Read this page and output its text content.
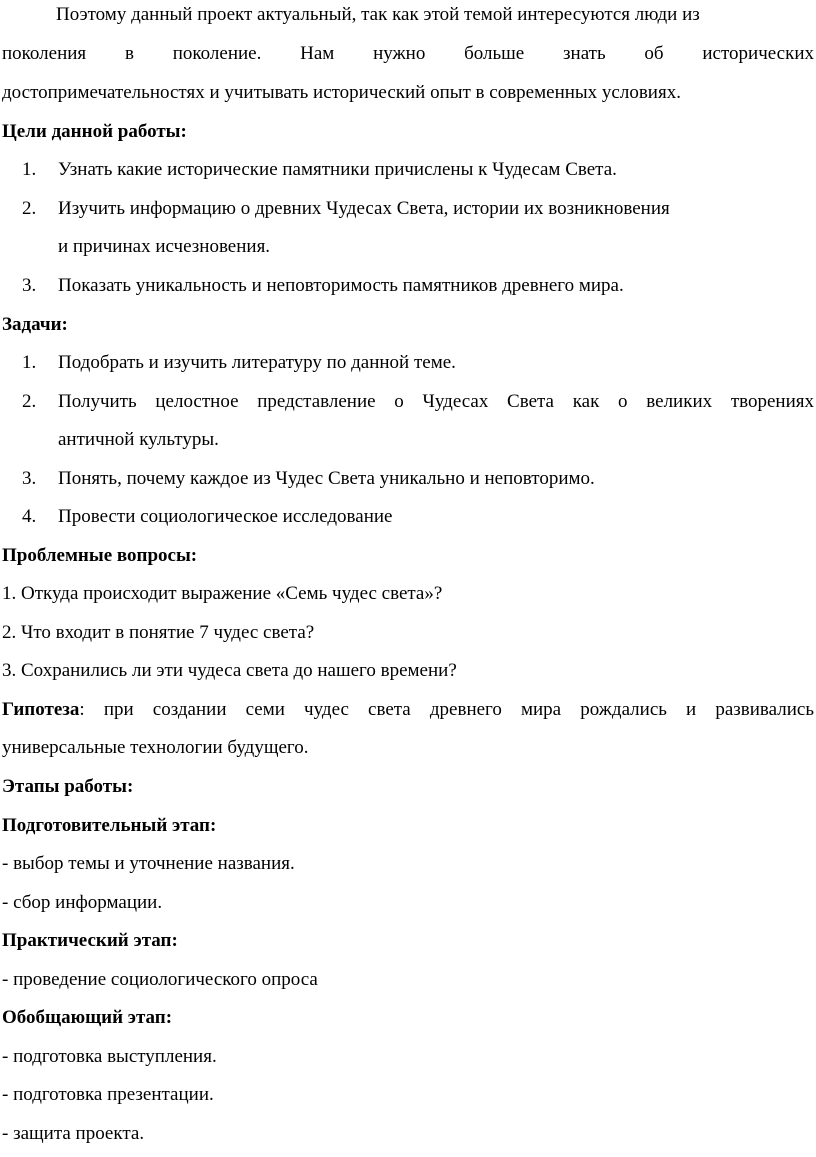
Поэтому данный проект актуальный, так как этой темой интересуются люди из
поколения в поколение. Нам нужно больше знать об исторических
достопримечательностях и учитывать исторический опыт в современных условиях.
Цели данной работы:
1. Узнать какие исторические памятники причислены к Чудесам Света.
2. Изучить информацию о древних Чудесах Света, истории их возникновения
и причинах исчезновения.
3. Показать уникальность и неповторимость памятников древнего мира.
Задачи:
1. Подобрать и изучить литературу по данной теме.
2. Получить целостное представление о Чудесах Света как о великих творениях
античной культуры.
3. Понять, почему каждое из Чудес Света уникально и неповторимо.
4. Провести социологическое исследование
Проблемные вопросы:
1. Откуда происходит выражение «Семь чудес света»?
2. Что входит в понятие 7 чудес света?
3. Сохранились ли эти чудеса света до нашего времени?
Гипотеза: при создании семи чудес света древнего мира рождались и развивались
универсальные технологии будущего.
Этапы работы:
Подготовительный этап:
- выбор темы и уточнение названия.
- сбор информации.
Практический этап:
- проведение социологического опроса
Обобщающий этап:
- подготовка выступления.
- подготовка презентации.
- защита проекта.
